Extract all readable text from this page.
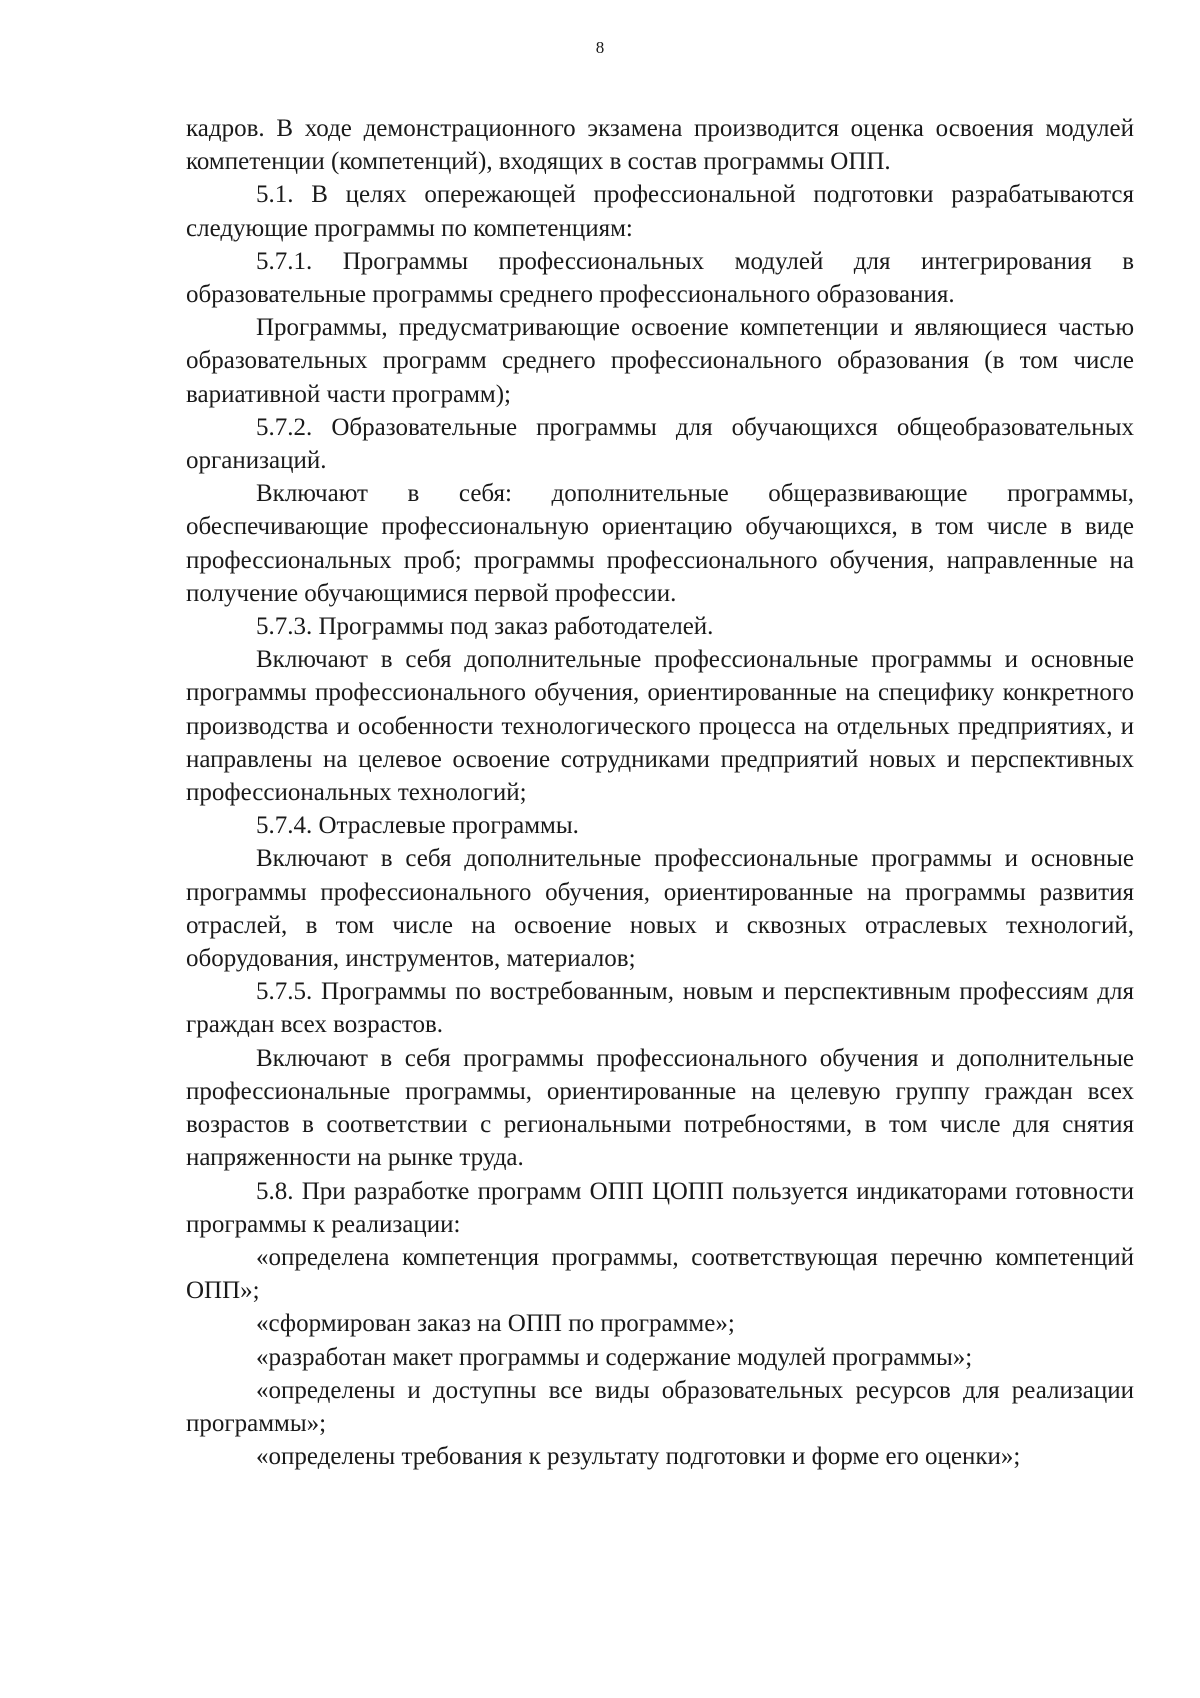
8

кадров. В ходе демонстрационного экзамена производится оценка освоения модулей компетенции (компетенций), входящих в состав программы ОПП.

5.1. В целях опережающей профессиональной подготовки разрабатываются следующие программы по компетенциям:

5.7.1. Программы профессиональных модулей для интегрирования в образовательные программы среднего профессионального образования.

Программы, предусматривающие освоение компетенции и являющиеся частью образовательных программ среднего профессионального образования (в том числе вариативной части программ);

5.7.2. Образовательные программы для обучающихся общеобразовательных организаций.

Включают в себя: дополнительные общеразвивающие программы, обеспечивающие профессиональную ориентацию обучающихся, в том числе в виде профессиональных проб; программы профессионального обучения, направленные на получение обучающимися первой профессии.

5.7.3. Программы под заказ работодателей.

Включают в себя дополнительные профессиональные программы и основные программы профессионального обучения, ориентированные на специфику конкретного производства и особенности технологического процесса на отдельных предприятиях, и направлены на целевое освоение сотрудниками предприятий новых и перспективных профессиональных технологий;

5.7.4. Отраслевые программы.

Включают в себя дополнительные профессиональные программы и основные программы профессионального обучения, ориентированные на программы развития отраслей, в том числе на освоение новых и сквозных отраслевых технологий, оборудования, инструментов, материалов;

5.7.5. Программы по востребованным, новым и перспективным профессиям для граждан всех возрастов.

Включают в себя программы профессионального обучения и дополнительные профессиональные программы, ориентированные на целевую группу граждан всех возрастов в соответствии с региональными потребностями, в том числе для снятия напряженности на рынке труда.

5.8. При разработке программ ОПП ЦОПП пользуется индикаторами готовности программы к реализации:

«определена компетенция программы, соответствующая перечню компетенций ОПП»;

«сформирован заказ на ОПП по программе»;

«разработан макет программы и содержание модулей программы»;

«определены и доступны все виды образовательных ресурсов для реализации программы»;

«определены требования к результату подготовки и форме его оценки»;
